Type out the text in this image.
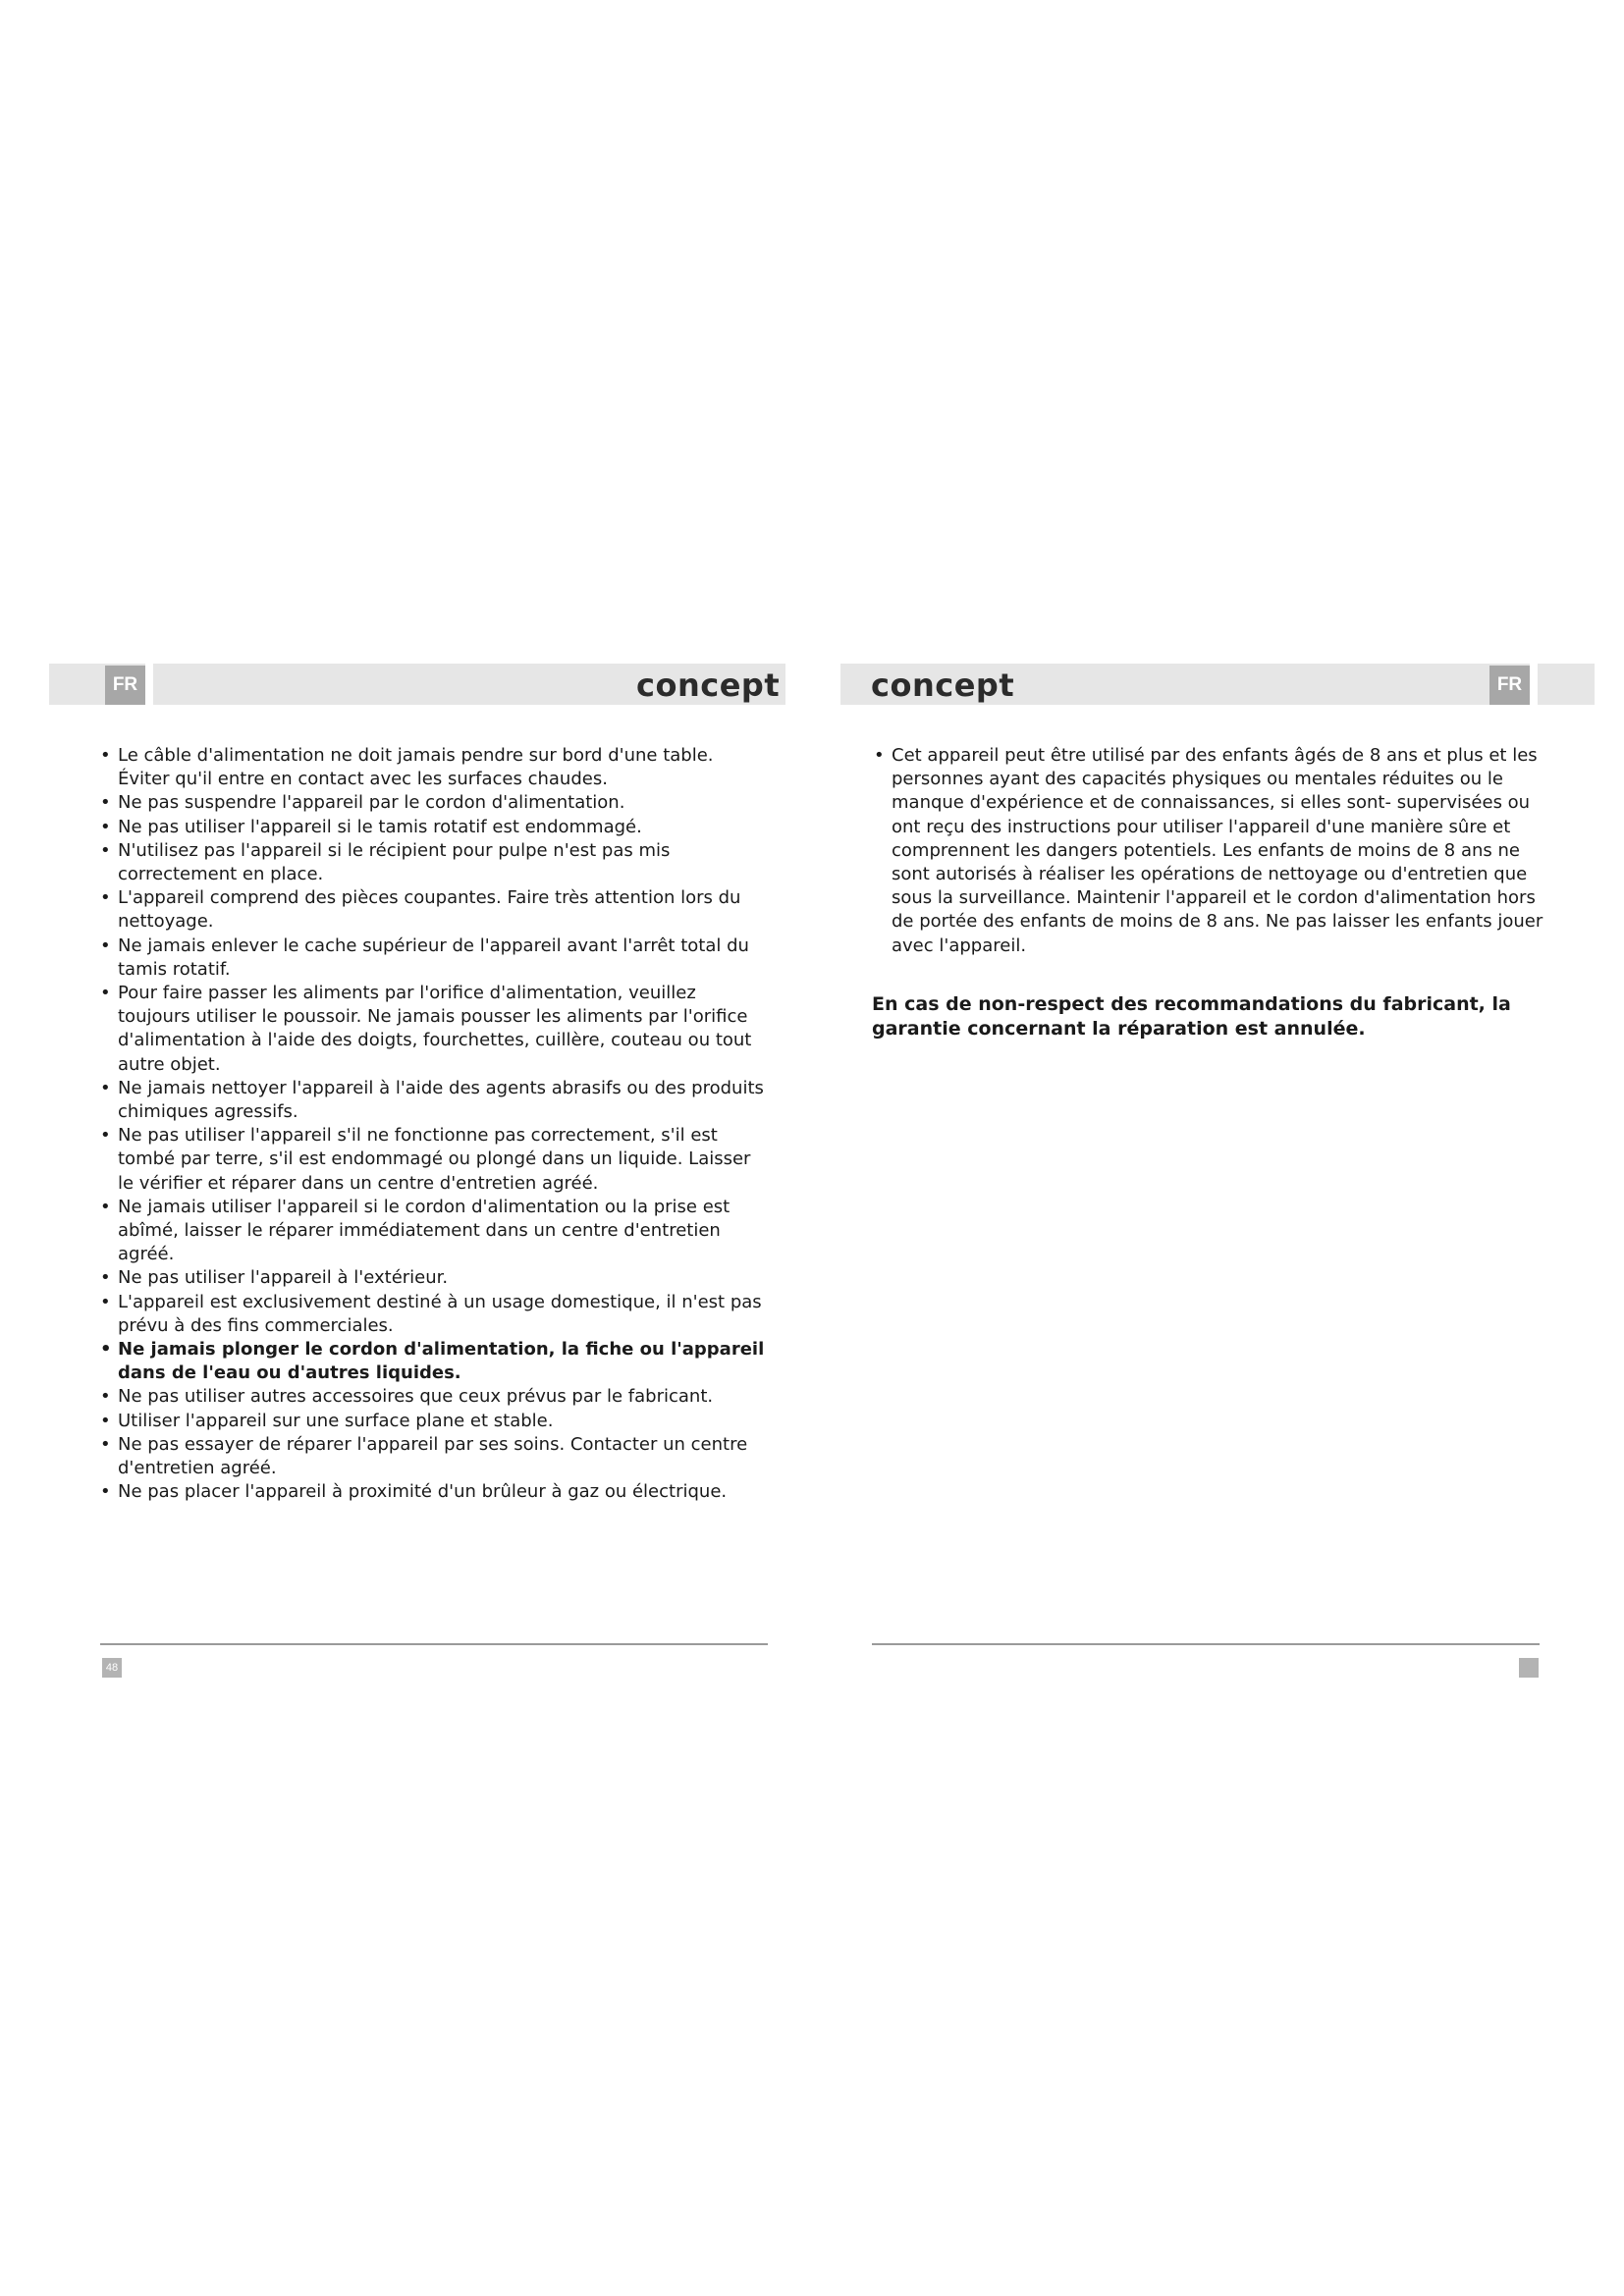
FR	FR
concept	concept
• Le câble d'alimentation ne doit jamais pendre sur bord d'une table. Éviter qu'il entre en contact avec les surfaces chaudes.
• Ne pas suspendre l'appareil par le cordon d'alimentation.
• Ne pas utiliser l'appareil si le tamis rotatif est endommagé.
• N'utilisez pas l'appareil si le récipient pour pulpe n'est pas mis correctement en place.
• L'appareil comprend des pièces coupantes. Faire très attention lors du nettoyage.
• Ne jamais enlever le cache supérieur de l'appareil avant l'arrêt total du tamis rotatif.
• Pour faire passer les aliments par l'orifice d'alimentation, veuillez toujours utiliser le poussoir. Ne jamais pousser les aliments par l'orifice d'alimentation à l'aide des doigts, fourchettes, cuillère, couteau ou tout autre objet.
• Ne jamais nettoyer l'appareil à l'aide des agents abrasifs ou des produits chimiques agressifs.
• Ne pas utiliser l'appareil s'il ne fonctionne pas correctement, s'il est tombé par terre, s'il est endommagé ou plongé dans un liquide. Laisser le vérifier et réparer dans un centre d'entretien agréé.
• Ne jamais utiliser l'appareil si le cordon d'alimentation ou la prise est abîmé, laisser le réparer immédiatement dans un centre d'entretien agréé.
• Ne pas utiliser l'appareil à l'extérieur.
• L'appareil est exclusivement destiné à un usage domestique, il n'est pas prévu à des fins commerciales.
• Ne jamais plonger le cordon d'alimentation, la fiche ou l'appareil dans de l'eau ou d'autres liquides.
• Ne pas utiliser autres accessoires que ceux prévus par le fabricant.
• Utiliser l'appareil sur une surface plane et stable.
• Ne pas essayer de réparer l'appareil par ses soins. Contacter un centre d'entretien agréé.
• Ne pas placer l'appareil à proximité d'un brûleur à gaz ou électrique.
• Cet appareil peut être utilisé par des enfants âgés de 8 ans et plus et les personnes ayant des capacités physiques ou mentales réduites ou le manque d'expérience et de connaissances, si elles sont- supervisées ou ont reçu des instructions pour utiliser l'appareil d'une manière sûre et comprennent les dangers potentiels. Les enfants de moins de 8 ans ne sont autorisés à réaliser les opérations de nettoyage ou d'entretien que sous la surveillance. Maintenir l'appareil et le cordon d'alimentation hors de portée des enfants de moins de 8 ans. Ne pas laisser les enfants jouer avec l'appareil.

En cas de non-respect des recommandations du fabricant, la garantie concernant la réparation est annulée.

48
